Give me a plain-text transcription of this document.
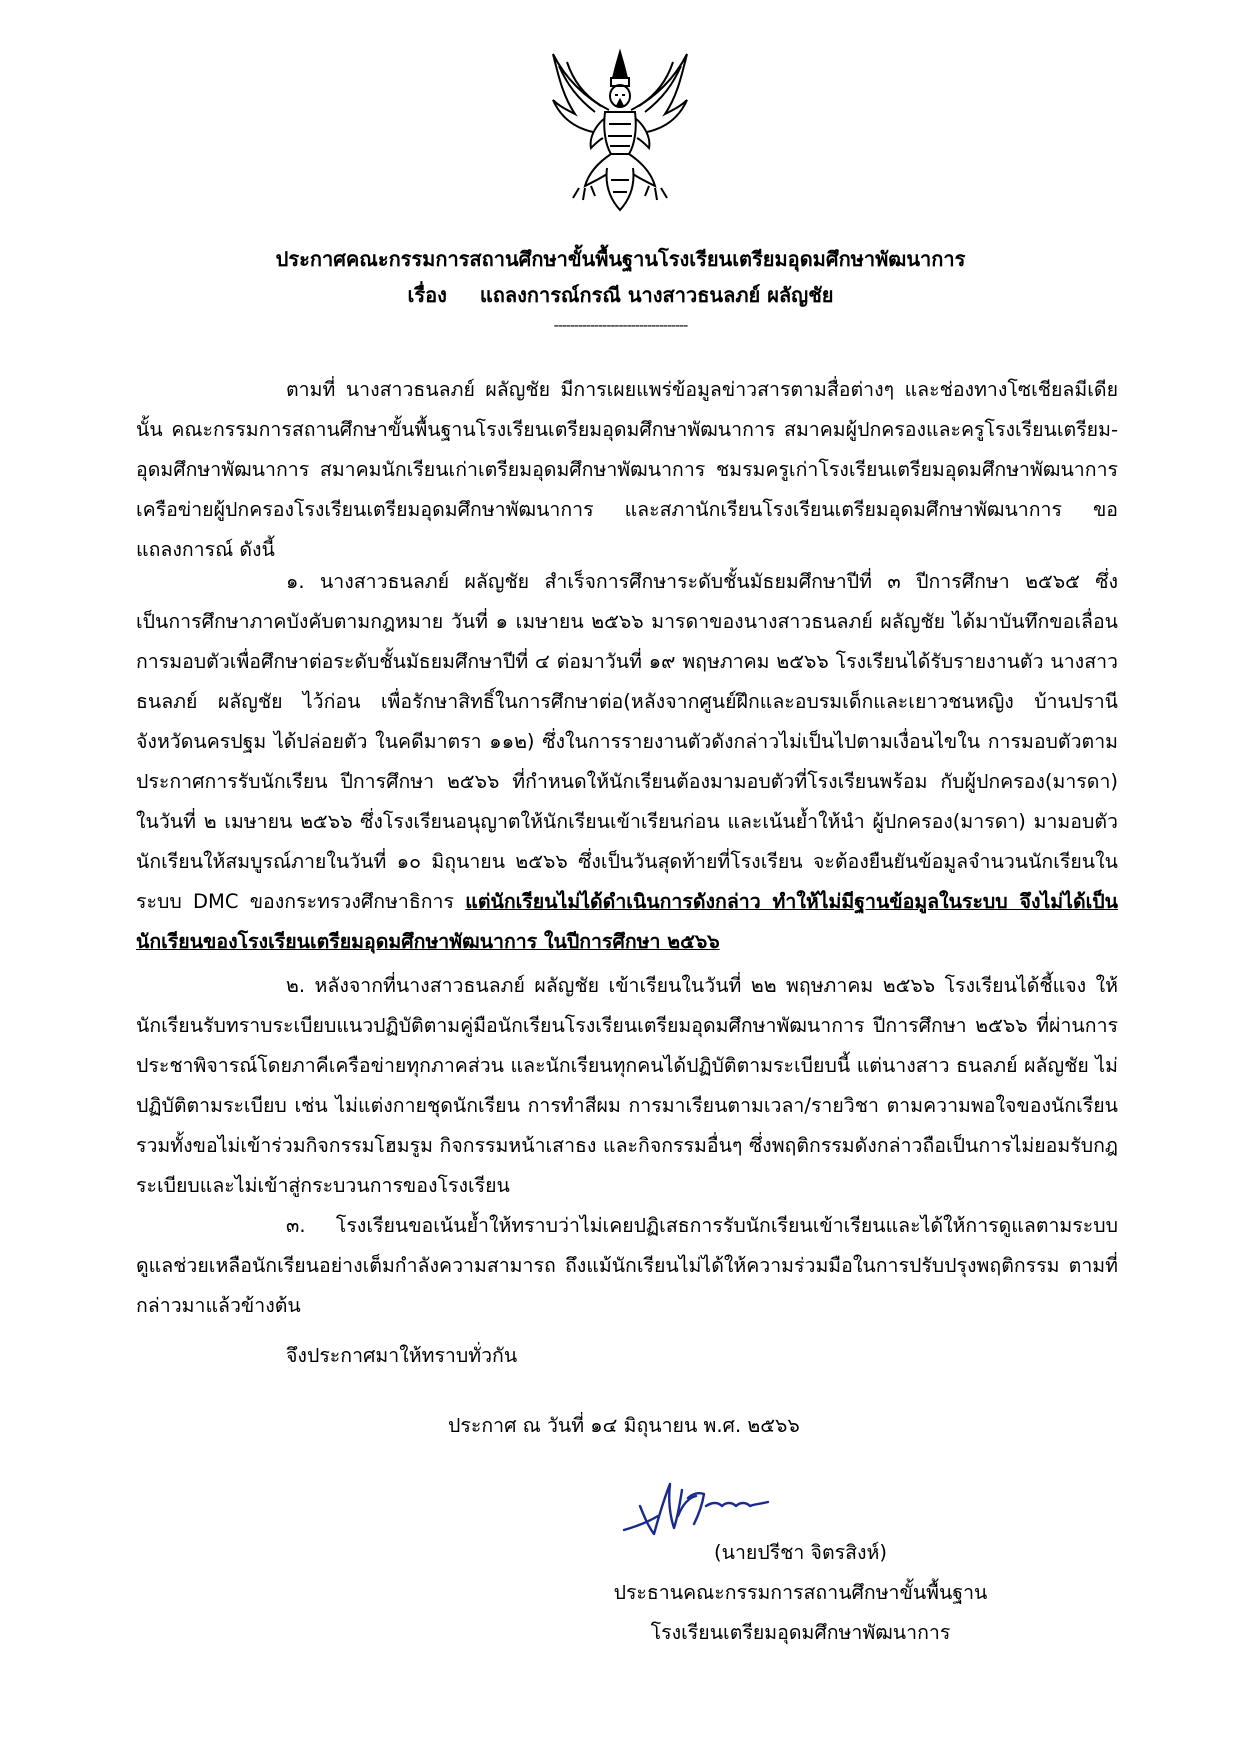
ประกาศคณะกรรมการสถานศึกษาขั้นพื้นฐานโรงเรียนเตรียมอุดมศึกษาพัฒนาการ
เรื่อง แถลงการณ์กรณี นางสาวธนลภย์ ผลัญชัย
---------------------------------
ตามที่ นางสาวธนลภย์ ผลัญชัย มีการเผยแพร่ข้อมูลข่าวสารตามสื่อต่างๆ และช่องทางโซเชียลมีเดีย นั้น คณะกรรมการสถานศึกษาขั้นพื้นฐานโรงเรียนเตรียมอุดมศึกษาพัฒนาการ สมาคมผู้ปกครองและครูโรงเรียนเตรียม-อุดมศึกษาพัฒนาการ สมาคมนักเรียนเก่าเตรียมอุดมศึกษาพัฒนาการ ชมรมครูเก่าโรงเรียนเตรียมอุดมศึกษาพัฒนาการ เครือข่ายผู้ปกครองโรงเรียนเตรียมอุดมศึกษาพัฒนาการ และสภานักเรียนโรงเรียนเตรียมอุดมศึกษาพัฒนาการ ขอแถลงการณ์ ดังนี้
๑. นางสาวธนลภย์ ผลัญชัย สำเร็จการศึกษาระดับชั้นมัธยมศึกษาปีที่ ๓ ปีการศึกษา ๒๕๖๕ ซึ่งเป็นการศึกษาภาคบังคับตามกฎหมาย วันที่ ๑ เมษายน ๒๕๖๖ มารดาของนางสาวธนลภย์ ผลัญชัย ได้มาบันทึกขอเลื่อนการมอบตัวเพื่อศึกษาต่อระดับชั้นมัธยมศึกษาปีที่ ๔ ต่อมาวันที่ ๑๙ พฤษภาคม ๒๕๖๖ โรงเรียนได้รับรายงานตัว นางสาวธนลภย์ ผลัญชัย ไว้ก่อน เพื่อรักษาสิทธิ์ในการศึกษาต่อ(หลังจากศูนย์ฝึกและอบรมเด็กและเยาวชนหญิง บ้านปรานี จังหวัดนครปฐม ได้ปล่อยตัว ในคดีมาตรา ๑๑๒) ซึ่งในการรายงานตัวดังกล่าวไม่เป็นไปตามเงื่อนไขใน การมอบตัวตามประกาศการรับนักเรียน ปีการศึกษา ๒๕๖๖ ที่กำหนดให้นักเรียนต้องมามอบตัวที่โรงเรียนพร้อม กับผู้ปกครอง(มารดา) ในวันที่ ๒ เมษายน ๒๕๖๖ ซึ่งโรงเรียนอนุญาตให้นักเรียนเข้าเรียนก่อน และเน้นย้ำให้นำ ผู้ปกครอง(มารดา) มามอบตัวนักเรียนให้สมบูรณ์ภายในวันที่ ๑๐ มิถุนายน ๒๕๖๖ ซึ่งเป็นวันสุดท้ายที่โรงเรียน จะต้องยืนยันข้อมูลจำนวนนักเรียนในระบบ DMC ของกระทรวงศึกษาธิการ แต่นักเรียนไม่ได้ดำเนินการดังกล่าว ทำให้ไม่มีฐานข้อมูลในระบบ จึงไม่ได้เป็นนักเรียนของโรงเรียนเตรียมอุดมศึกษาพัฒนาการ ในปีการศึกษา ๒๕๖๖
๒. หลังจากที่นางสาวธนลภย์ ผลัญชัย เข้าเรียนในวันที่ ๒๒ พฤษภาคม ๒๕๖๖ โรงเรียนได้ชี้แจง ให้นักเรียนรับทราบระเบียบแนวปฏิบัติตามคู่มือนักเรียนโรงเรียนเตรียมอุดมศึกษาพัฒนาการ ปีการศึกษา ๒๕๖๖ ที่ผ่านการประชาพิจารณ์โดยภาคีเครือข่ายทุกภาคส่วน และนักเรียนทุกคนได้ปฏิบัติตามระเบียบนี้ แต่นางสาว ธนลภย์ ผลัญชัย ไม่ปฏิบัติตามระเบียบ เช่น ไม่แต่งกายชุดนักเรียน การทำสีผม การมาเรียนตามเวลา/รายวิชา ตามความพอใจของนักเรียน รวมทั้งขอไม่เข้าร่วมกิจกรรมโฮมรูม กิจกรรมหน้าเสาธง และกิจกรรมอื่นๆ ซึ่งพฤติกรรมดังกล่าวถือเป็นการไม่ยอมรับกฎระเบียบและไม่เข้าสู่กระบวนการของโรงเรียน
๓. โรงเรียนขอเน้นย้ำให้ทราบว่าไม่เคยปฏิเสธการรับนักเรียนเข้าเรียนและได้ให้การดูแลตามระบบ ดูแลช่วยเหลือนักเรียนอย่างเต็มกำลังความสามารถ ถึงแม้นักเรียนไม่ได้ให้ความร่วมมือในการปรับปรุงพฤติกรรม ตามที่กล่าวมาแล้วข้างต้น
จึงประกาศมาให้ทราบทั่วกัน
ประกาศ ณ วันที่ ๑๔ มิถุนายน พ.ศ. ๒๕๖๖
(นายปรีชา จิตรสิงห์)
ประธานคณะกรรมการสถานศึกษาขั้นพื้นฐาน
โรงเรียนเตรียมอุดมศึกษาพัฒนาการ
